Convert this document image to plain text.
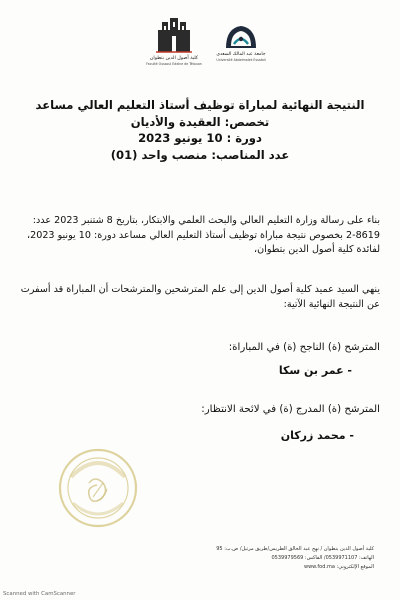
كلية أصول الدين بتطوان
Faculté Oussoul Eddine de Tétouan
جامعة عبد المالك السعدي
Université Abdelmalek Essaâdi
النتيجة النهائية لمباراة توظيف أستاذ التعليم العالي مساعد
تخصص: العقيدة والأديان
دورة : 10 يونيو 2023
عدد المناصب: منصب واحد (01)
بناء على رسالة وزارة التعليم العالي والبحث العلمي والابتكار، بتاريخ 8 شتنبر 2023 عدد: 8619-2 بخصوص نتيجة مباراة توظيف أستاذ التعليم العالي مساعد دورة: 10 يونيو 2023، لفائدة كلية أصول الدين بتطوان،
ينهي السيد عميد كلية أصول الدين إلى علم المترشحين والمترشحات أن المباراة قد أسفرت عن النتيجة النهائية الآتية:
المترشح (ة) الناجح (ة) في المباراة:
- عمر بن سكا
المترشح (ة) المدرج (ة) في لائحة الانتظار:
- محمد زركان
كلية أصول الدين بتطوان / نهج عبد الخالق الطريس/طريق مرتيل/ ص.ب: 95
الهاتف: 0539971107/ الفاكس: 0539979569
الموقع الإلكتروني: www.fod.ma
Scanned with CamScanner
